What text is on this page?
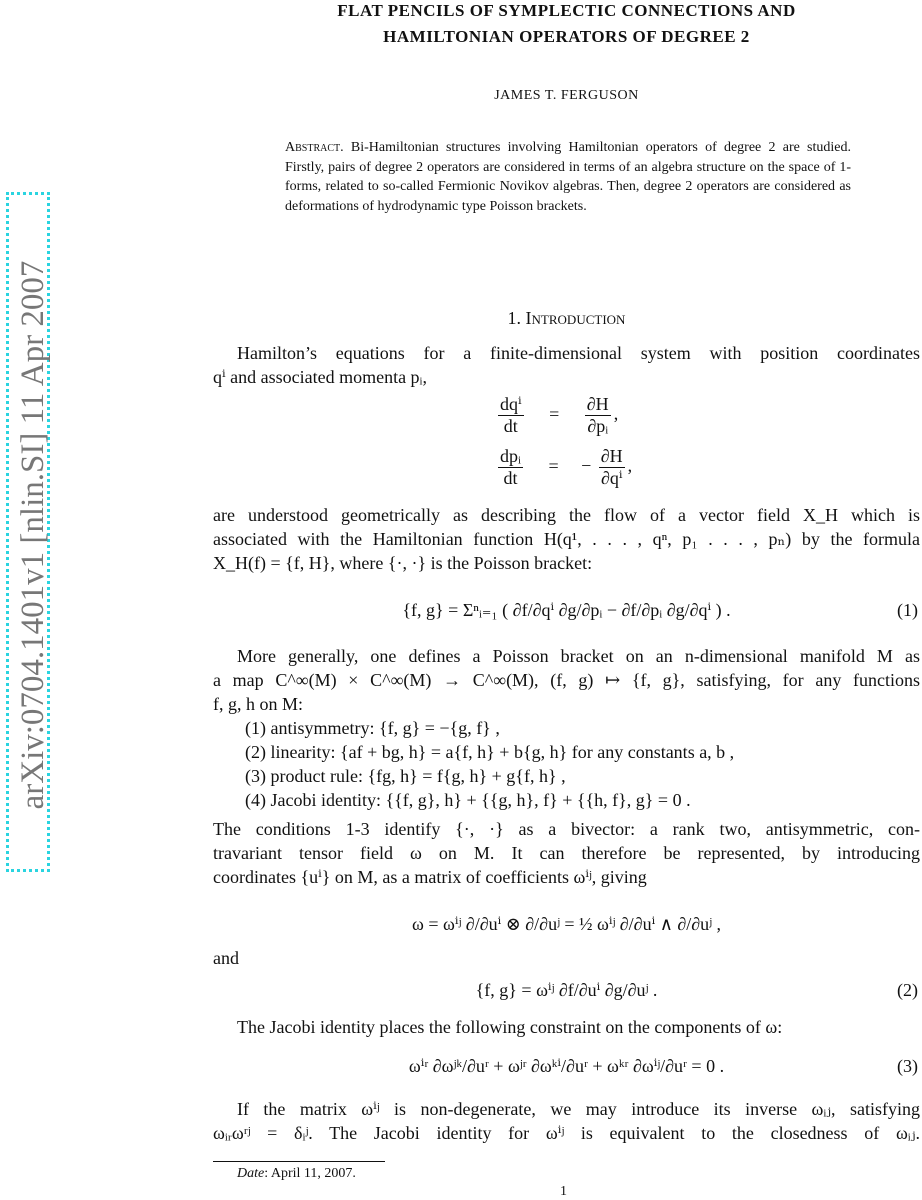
arXiv:0704.1401v1 [nlin.SI] 11 Apr 2007
FLAT PENCILS OF SYMPLECTIC CONNECTIONS AND
HAMILTONIAN OPERATORS OF DEGREE 2
JAMES T. FERGUSON
Abstract. Bi-Hamiltonian structures involving Hamiltonian operators of degree 2 are studied. Firstly, pairs of degree 2 operators are considered in terms of an algebra structure on the space of 1-forms, related to so-called Fermionic Novikov algebras. Then, degree 2 operators are considered as deformations of hydrodynamic type Poisson brackets.
1. Introduction
Hamilton’s equations for a finite-dimensional system with position coordinates
qⁱ and associated momenta pᵢ,
$\frac{\text{dqⁱ}}{dt} = \frac{\partial H}{\text{∂pᵢ}}$ ,
$\frac{\text{dpᵢ}}{dt}$ = − $\frac{\partial H}{\text{∂qⁱ}}$ ,
are understood geometrically as describing the flow of a vector field X_H which is
associated with the Hamiltonian function H(q¹, . . . , qⁿ, p₁ . . . , pₙ) by the formula
X_H(f) = {f, H}, where {·, ·} is the Poisson bracket:
{f, g} = Σⁿᵢ₌₁ ( ∂f/∂qⁱ ∂g/∂pᵢ − ∂f/∂pᵢ ∂g/∂qⁱ ) .	(1)
More generally, one defines a Poisson bracket on an n-dimensional manifold M as
a map C^∞(M) × C^∞(M) → C^∞(M), (f, g) ↦ {f, g}, satisfying, for any functions
f, g, h on M:
(1) antisymmetry: {f, g} = −{g, f} ,
(2) linearity: {af + bg, h} = a{f, h} + b{g, h} for any constants a, b ,
(3) product rule: {fg, h} = f{g, h} + g{f, h} ,
(4) Jacobi identity: {{f, g}, h} + {{g, h}, f} + {{h, f}, g} = 0 .
The conditions 1-3 identify {·, ·} as a bivector: a rank two, antisymmetric, con-
travariant tensor field ω on M. It can therefore be represented, by introducing
coordinates {uⁱ} on M, as a matrix of coefficients ωⁱʲ, giving
ω = ωⁱʲ ∂/∂uⁱ ⊗ ∂/∂uʲ = ½ ωⁱʲ ∂/∂uⁱ ∧ ∂/∂uʲ ,
and
{f, g} = ωⁱʲ ∂f/∂uⁱ ∂g/∂uʲ .	(2)
The Jacobi identity places the following constraint on the components of ω:
ωⁱʳ ∂ωʲᵏ/∂uʳ + ωʲʳ ∂ωᵏⁱ/∂uʳ + ωᵏʳ ∂ωⁱʲ/∂uʳ = 0 .	(3)
If the matrix ωⁱʲ is non-degenerate, we may introduce its inverse ωᵢⱼ, satisfying
ωᵢᵣωʳʲ = δᵢʲ. The Jacobi identity for ωⁱʲ is equivalent to the closedness of ωᵢⱼ.
Date: April 11, 2007.
1
